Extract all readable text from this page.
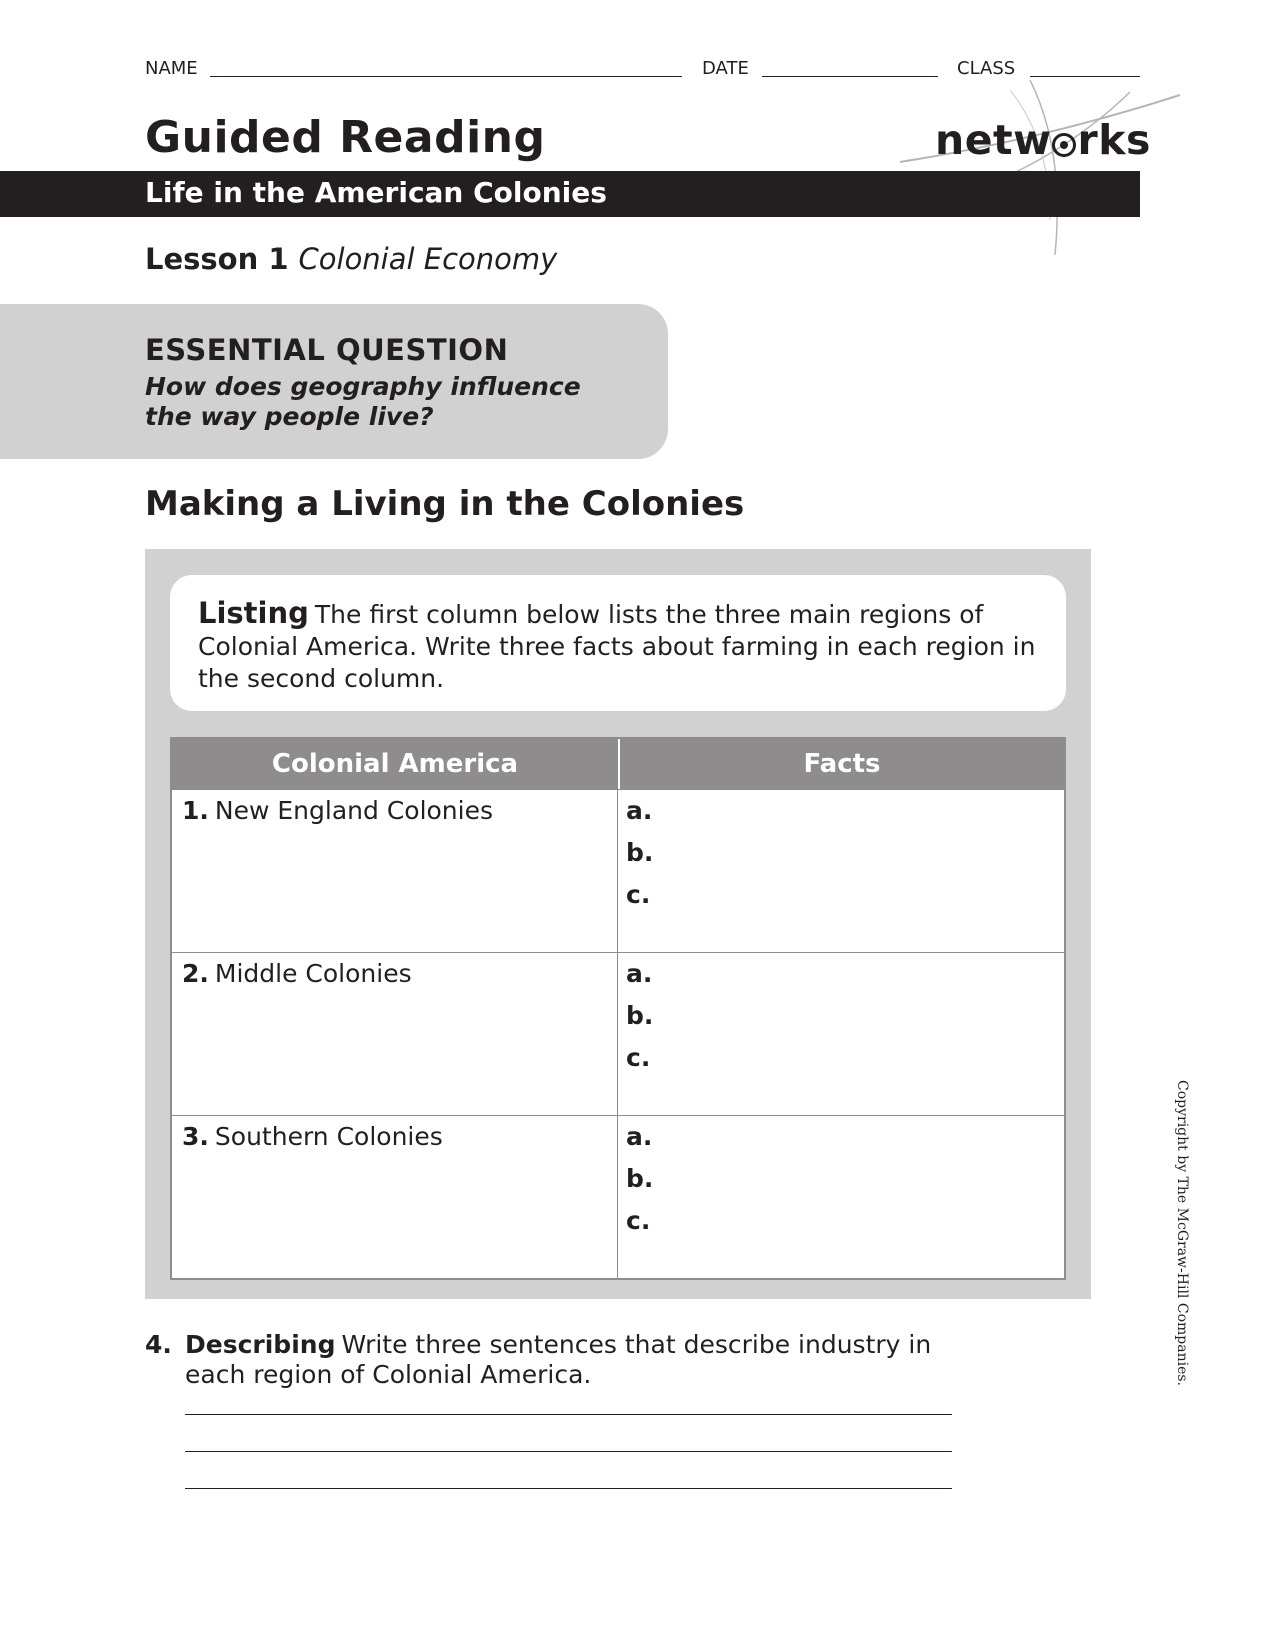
NAME	DATE	CLASS
Guided Reading	netw rks
Life in the American Colonies
Lesson 1 Colonial Economy
ESSENTIAL QUESTION
How does geography influence
the way people live?
Making a Living in the Colonies
Listing The first column below lists the three main regions of Colonial America. Write three facts about farming in each region in the second column.
Colonial America	Facts
1. New England Colonies	a.
b.
c.
2. Middle Colonies	a.
b.
c.
3. Southern Colonies	a.
b.
c.
4. Describing Write three sentences that describe industry in each region of Colonial America.	Copyright by The McGraw-Hill Companies.
